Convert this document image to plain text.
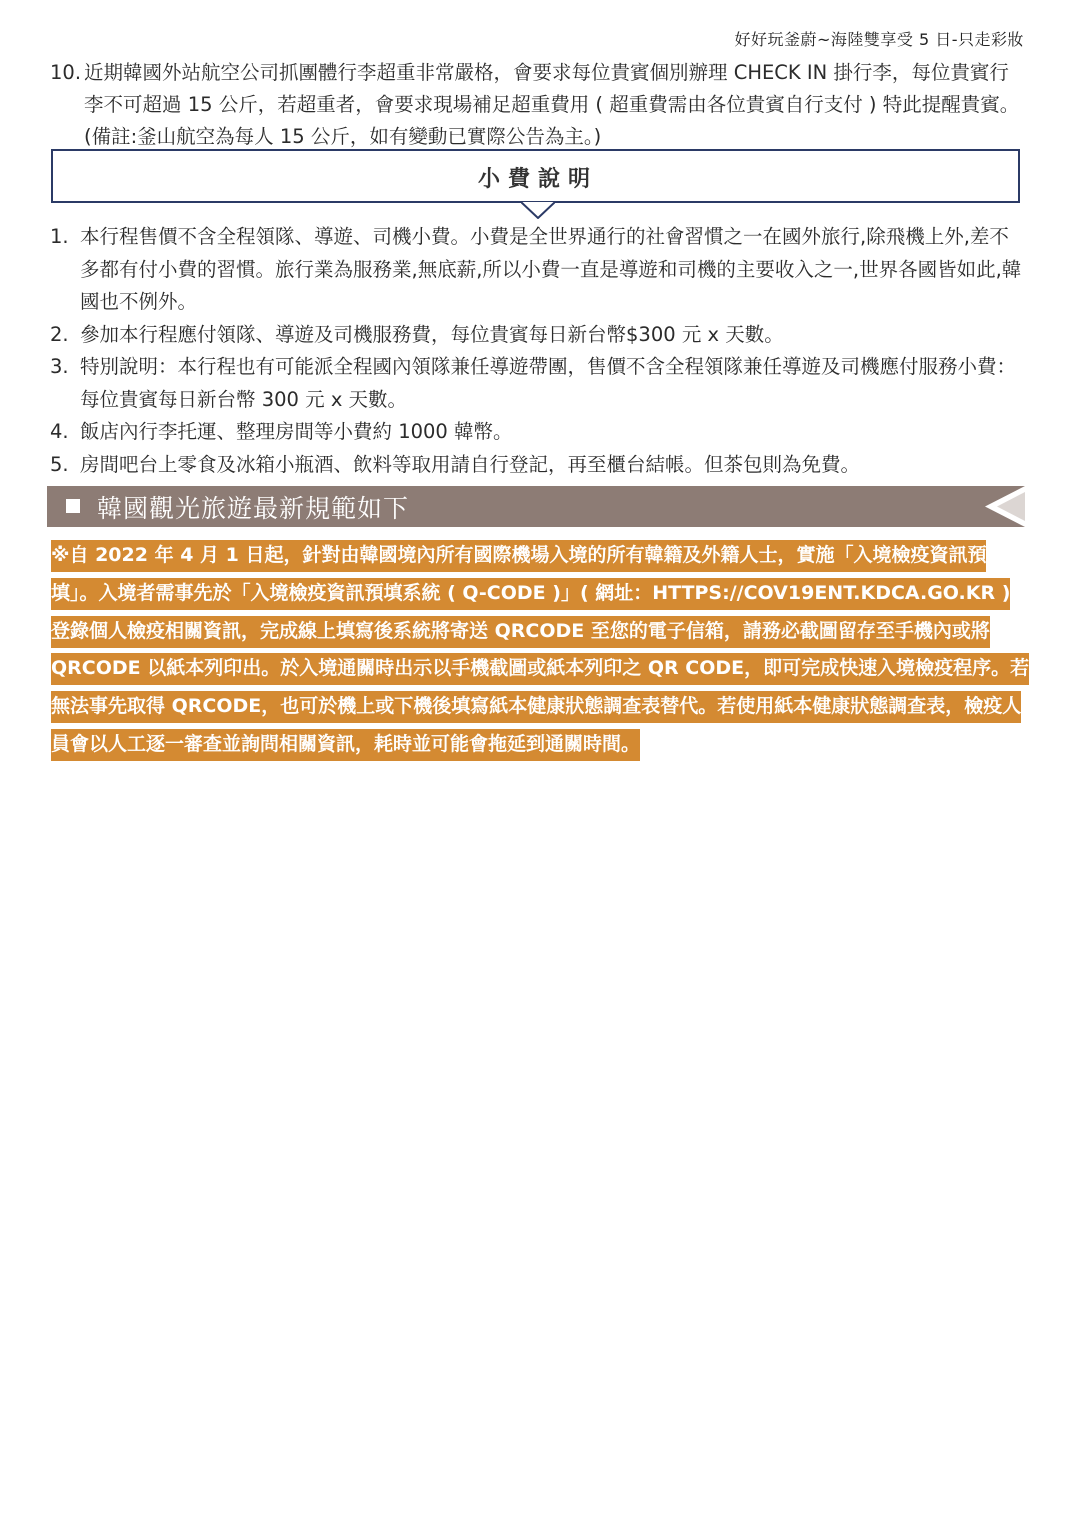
好好玩釜蔚~海陸雙享受 5 日-只走彩妝
10. 近期韓國外站航空公司抓團體行李超重非常嚴格，會要求每位貴賓個別辦理 CHECK IN 掛行李，每位貴賓行李不可超過 15 公斤，若超重者，會要求現場補足超重費用 ( 超重費需由各位貴賓自行支付 ) 特此提醒貴賓。(備註:釜山航空為每人 15 公斤，如有變動已實際公告為主。)
小費說明
1. 本行程售價不含全程領隊、導遊、司機小費。小費是全世界通行的社會習慣之一在國外旅行,除飛機上外,差不多都有付小費的習慣。旅行業為服務業,無底薪,所以小費一直是導遊和司機的主要收入之一,世界各國皆如此,韓國也不例外。
2. 參加本行程應付領隊、導遊及司機服務費，每位貴賓每日新台幣$300 元 x 天數。
3. 特別說明：本行程也有可能派全程國內領隊兼任導遊帶團，售價不含全程領隊兼任導遊及司機應付服務小費：每位貴賓每日新台幣 300 元 x 天數。
4. 飯店內行李托運、整理房間等小費約 1000 韓幣。
5. 房間吧台上零食及冰箱小瓶酒、飲料等取用請自行登記，再至櫃台結帳。但茶包則為免費。
韓國觀光旅遊最新規範如下
※自 2022 年 4 月 1 日起，針對由韓國境內所有國際機場入境的所有韓籍及外籍人士，實施「入境檢疫資訊預填」。入境者需事先於「入境檢疫資訊預填系統 ( Q-CODE )」( 網址：HTTPS://COV19ENT.KDCA.GO.KR ) 登錄個人檢疫相關資訊，完成線上填寫後系統將寄送 QRCODE 至您的電子信箱，請務必截圖留存至手機內或將 QRCODE 以紙本列印出。於入境通關時出示以手機截圖或紙本列印之 QR CODE，即可完成快速入境檢疫程序。若無法事先取得 QRCODE，也可於機上或下機後填寫紙本健康狀態調查表替代。若使用紙本健康狀態調查表，檢疫人員會以人工逐一審查並詢問相關資訊，耗時並可能會拖延到通關時間。
